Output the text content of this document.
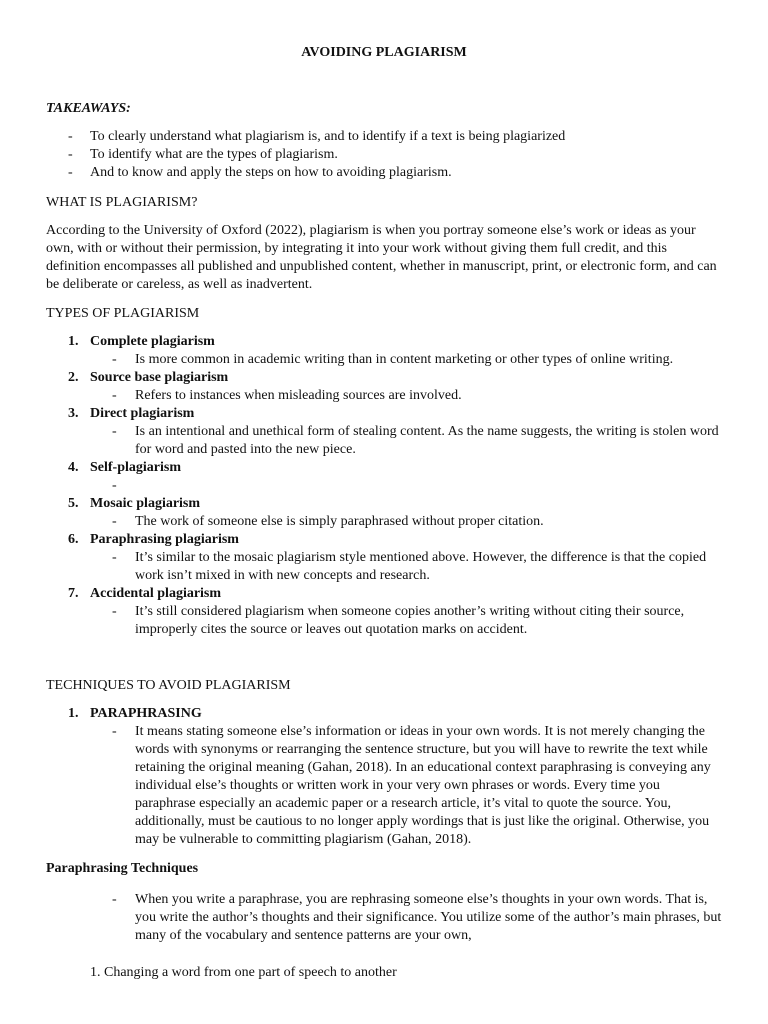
AVOIDING PLAGIARISM
TAKEAWAYS:
- To clearly understand what plagiarism is, and to identify if a text is being plagiarized
- To identify what are the types of plagiarism.
- And to know and apply the steps on how to avoiding plagiarism.
WHAT IS PLAGIARISM?

According to the University of Oxford (2022), plagiarism is when you portray someone else’s work or ideas as your own, with or without their permission, by integrating it into your work without giving them full credit, and this definition encompasses all published and unpublished content, whether in manuscript, print, or electronic form, and can be deliberate or careless, as well as inadvertent.

TYPES OF PLAGIARISM
1. Complete plagiarism
- Is more common in academic writing than in content marketing or other types of online writing.
2. Source base plagiarism
- Refers to instances when misleading sources are involved.
3. Direct plagiarism
- Is an intentional and unethical form of stealing content. As the name suggests, the writing is stolen word for word and pasted into the new piece.
4. Self-plagiarism
-
5. Mosaic plagiarism
- The work of someone else is simply paraphrased without proper citation.
6. Paraphrasing plagiarism
- It’s similar to the mosaic plagiarism style mentioned above. However, the difference is that the copied work isn’t mixed in with new concepts and research.
7. Accidental plagiarism
- It’s still considered plagiarism when someone copies another’s writing without citing their source, improperly cites the source or leaves out quotation marks on accident.
TECHNIQUES TO AVOID PLAGIARISM
1. PARAPHRASING
- It means stating someone else’s information or ideas in your own words. It is not merely changing the words with synonyms or rearranging the sentence structure, but you will have to rewrite the text while retaining the original meaning (Gahan, 2018). In an educational context paraphrasing is conveying any individual else’s thoughts or written work in your very own phrases or words. Every time you paraphrase especially an academic paper or a research article, it’s vital to quote the source. You, additionally, must be cautious to no longer apply wordings that is just like the original. Otherwise, you may be vulnerable to committing plagiarism (Gahan, 2018).
Paraphrasing Techniques
- When you write a paraphrase, you are rephrasing someone else’s thoughts in your own words. That is, you write the author’s thoughts and their significance. You utilize some of the author’s main phrases, but many of the vocabulary and sentence patterns are your own,
1. Changing a word from one part of speech to another
